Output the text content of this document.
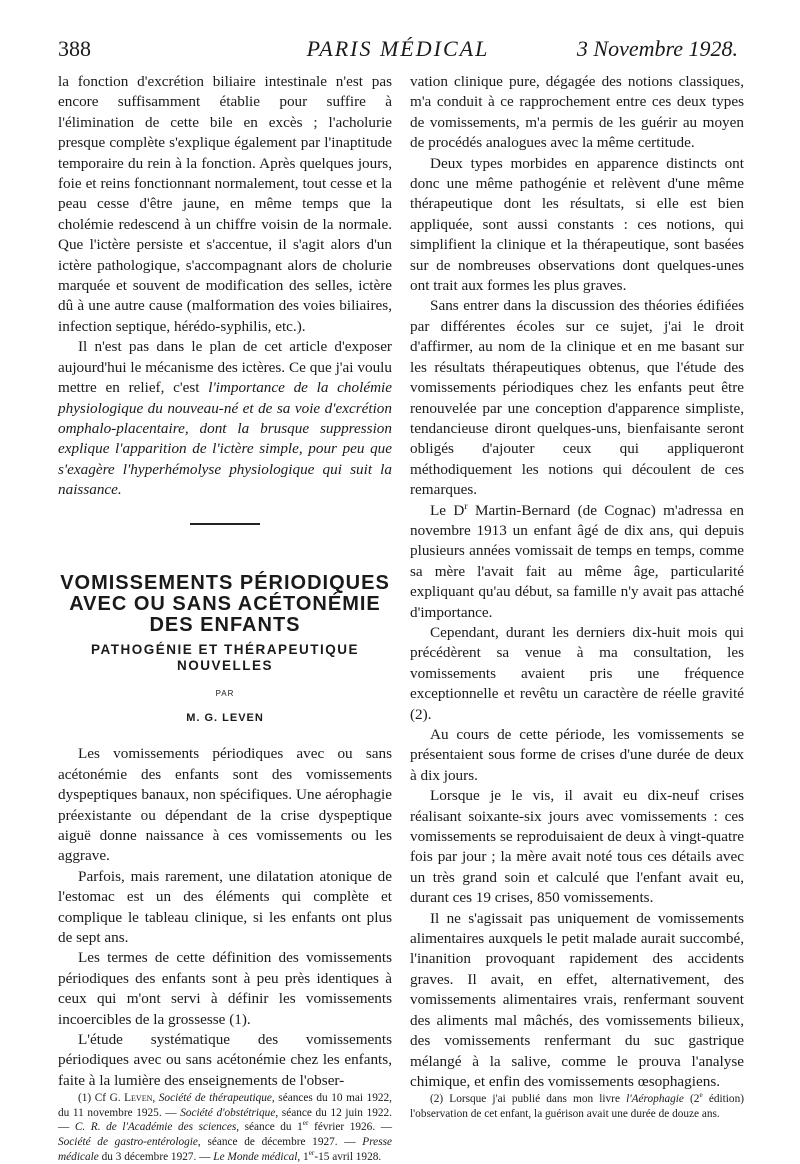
388	PARIS MÉDICAL	3 Novembre 1928.

la fonction d'excrétion biliaire intestinale n'est pas encore suffisamment établie pour suffire à l'élimination de cette bile en excès ; l'acholurie presque complète s'explique également par l'inaptitude temporaire du rein à la fonction. Après quelques jours, foie et reins fonctionnant normalement, tout cesse et la peau cesse d'être jaune, en même temps que la cholémie redescend à un chiffre voisin de la normale. Que l'ictère persiste et s'accentue, il s'agit alors d'un ictère pathologique, s'accompagnant alors de cholurie marquée et souvent de modification des selles, ictère dû à une autre cause (malformation des voies biliaires, infection septique, hérédo-syphilis, etc.).

Il n'est pas dans le plan de cet article d'exposer aujourd'hui le mécanisme des ictères. Ce que j'ai voulu mettre en relief, c'est l'importance de la cholémie physiologique du nouveau-né et de sa voie d'excrétion omphalo-placentaire, dont la brusque suppression explique l'apparition de l'ictère simple, pour peu que s'exagère l'hyperhémolyse physiologique qui suit la naissance.

VOMISSEMENTS PÉRIODIQUES AVEC OU SANS ACÉTONÉMIE DES ENFANTS
PATHOGÉNIE ET THÉRAPEUTIQUE NOUVELLES
PAR
M. G. LEVEN

Les vomissements périodiques avec ou sans acétonémie des enfants sont des vomissements dyspeptiques banaux, non spécifiques. Une aérophagie préexistante ou dépendant de la crise dyspeptique aiguë donne naissance à ces vomissements ou les aggrave.

Parfois, mais rarement, une dilatation atonique de l'estomac est un des éléments qui complète et complique le tableau clinique, si les enfants ont plus de sept ans.

Les termes de cette définition des vomissements périodiques des enfants sont à peu près identiques à ceux qui m'ont servi à définir les vomissements incoercibles de la grossesse (1).

L'étude systématique des vomissements périodiques avec ou sans acétonémie chez les enfants, faite à la lumière des enseignements de l'obser-

(1) Cf G. Leven, Société de thérapeutique, séances du 10 mai 1922, du 11 novembre 1925. — Société d'obstétrique, séance du 12 juin 1922. — C. R. de l'Académie des sciences, séance du 1er février 1926. — Société de gastro-entérologie, séance de décembre 1927. — Presse médicale du 3 décembre 1927. — Le Monde médical, 1er-15 avril 1928.

vation clinique pure, dégagée des notions classiques, m'a conduit à ce rapprochement entre ces deux types de vomissements, m'a permis de les guérir au moyen de procédés analogues avec la même certitude.

Deux types morbides en apparence distincts ont donc une même pathogénie et relèvent d'une même thérapeutique dont les résultats, si elle est bien appliquée, sont aussi constants : ces notions, qui simplifient la clinique et la thérapeutique, sont basées sur de nombreuses observations dont quelques-unes ont trait aux formes les plus graves.

Sans entrer dans la discussion des théories édifiées par différentes écoles sur ce sujet, j'ai le droit d'affirmer, au nom de la clinique et en me basant sur les résultats thérapeutiques obtenus, que l'étude des vomissements périodiques chez les enfants peut être renouvelée par une conception d'apparence simpliste, tendancieuse diront quelques-uns, bienfaisante seront obligés d'ajouter ceux qui appliqueront méthodiquement les notions qui découlent de ces remarques.

Le $D^r$ Martin-Bernard (de Cognac) m'adressa en novembre 1913 un enfant âgé de dix ans, qui depuis plusieurs années vomissait de temps en temps, comme sa mère l'avait fait au même âge, particularité expliquant qu'au début, sa famille n'y avait pas attaché d'importance.

Cependant, durant les derniers dix-huit mois qui précédèrent sa venue à ma consultation, les vomissements avaient pris une fréquence exceptionnelle et revêtu un caractère de réelle gravité (2).

Au cours de cette période, les vomissements se présentaient sous forme de crises d'une durée de deux à dix jours.

Lorsque je le vis, il avait eu dix-neuf crises réalisant soixante-six jours avec vomissements : ces vomissements se reproduisaient de deux à vingt-quatre fois par jour ; la mère avait noté tous ces détails avec un très grand soin et calculé que l'enfant avait eu, durant ces 19 crises, 850 vomissements.

Il ne s'agissait pas uniquement de vomissements alimentaires auxquels le petit malade aurait succombé, l'inanition provoquant rapidement des accidents graves. Il avait, en effet, alternativement, des vomissements alimentaires vrais, renfermant souvent des aliments mal mâchés, des vomissements bilieux, des vomissements renfermant du suc gastrique mélangé à la salive, comme le prouva l'analyse chimique, et enfin des vomissements œsophagiens.

(2) Lorsque j'ai publié dans mon livre l'Aérophagie (2e édition) l'observation de cet enfant, la guérison avait une durée de douze ans.
